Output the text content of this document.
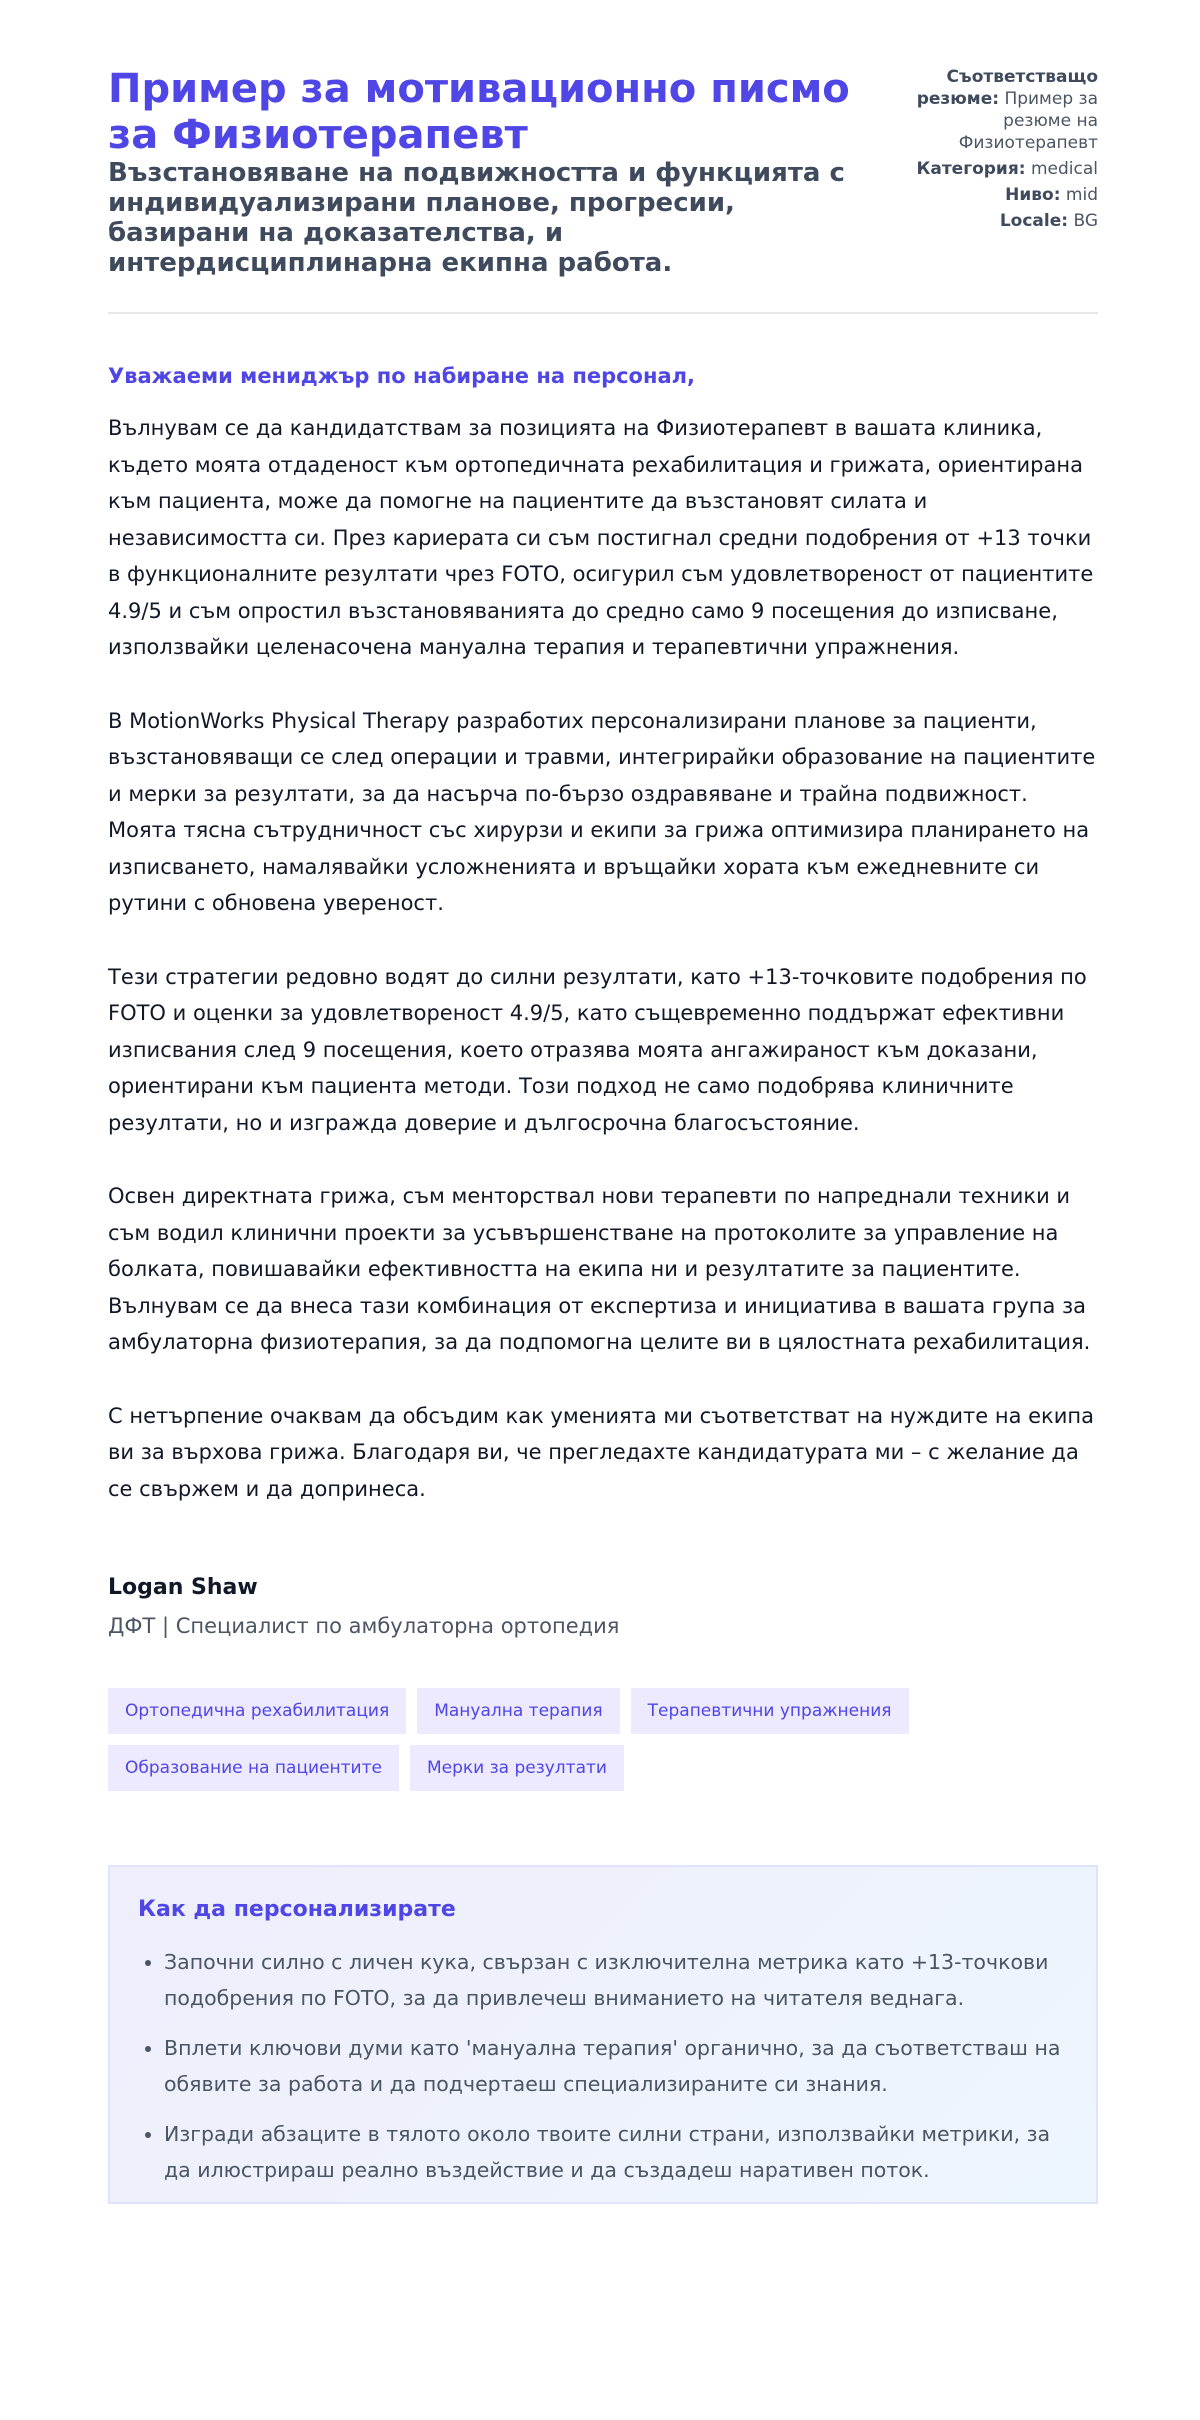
Пример за мотивационно писмо за Физиотерапевт
Възстановяване на подвижността и функцията с индивидуализирани планове, прогресии, базирани на доказателства, и интердисциплинарна екипна работа.
Съответстващо резюме: Пример за резюме на Физиотерапевт
Категория: medical
Ниво: mid
Locale: BG
Уважаеми мениджър по набиране на персонал,

Вълнувам се да кандидатствам за позицията на Физиотерапевт в вашата клиника, където моята отдаденост към ортопедичната рехабилитация и грижата, ориентирана към пациента, може да помогне на пациентите да възстановят силата и независимостта си. През кариерата си съм постигнал средни подобрения от +13 точки в функционалните резултати чрез FOTO, осигурил съм удовлетвореност от пациентите 4.9/5 и съм опростил възстановяванията до средно само 9 посещения до изписване, използвайки целенасочена мануална терапия и терапевтични упражнения.

В MotionWorks Physical Therapy разработих персонализирани планове за пациенти, възстановяващи се след операции и травми, интегрирайки образование на пациентите и мерки за резултати, за да насърча по-бързо оздравяване и трайна подвижност. Моята тясна сътрудничност със хирурзи и екипи за грижа оптимизира планирането на изписването, намалявайки усложненията и връщайки хората към ежедневните си рутини с обновена увереност.

Тези стратегии редовно водят до силни резултати, като +13-точковите подобрения по FOTO и оценки за удовлетвореност 4.9/5, като същевременно поддържат ефективни изписвания след 9 посещения, което отразява моята ангажираност към доказани, ориентирани към пациента методи. Този подход не само подобрява клиничните резултати, но и изгражда доверие и дългосрочна благосъстояние.

Освен директната грижа, съм менторствал нови терапевти по напреднали техники и съм водил клинични проекти за усъвършенстване на протоколите за управление на болката, повишавайки ефективността на екипа ни и резултатите за пациентите. Вълнувам се да внеса тази комбинация от експертиза и инициатива в вашата група за амбулаторна физиотерапия, за да подпомогна целите ви в цялостната рехабилитация.

С нетърпение очаквам да обсъдим как уменията ми съответстват на нуждите на екипа ви за върхова грижа. Благодаря ви, че прегледахте кандидатурата ми – с желание да се свържем и да допринеса.

Logan Shaw
ДФТ | Специалист по амбулаторна ортопедия
Ортопедична рехабилитация	Мануална терапия	Терапевтични упражнения
Образование на пациентите	Мерки за резултати
Как да персонализирате
• Започни силно с личен кука, свързан с изключителна метрика като +13-точкови подобрения по FOTO, за да привлечеш вниманието на читателя веднага.
• Вплети ключови думи като 'мануална терапия' органично, за да съответстваш на обявите за работа и да подчертаеш специализираните си знания.
• Изгради абзаците в тялото около твоите силни страни, използвайки метрики, за да илюстрираш реално въздействие и да създадеш наративен поток.
